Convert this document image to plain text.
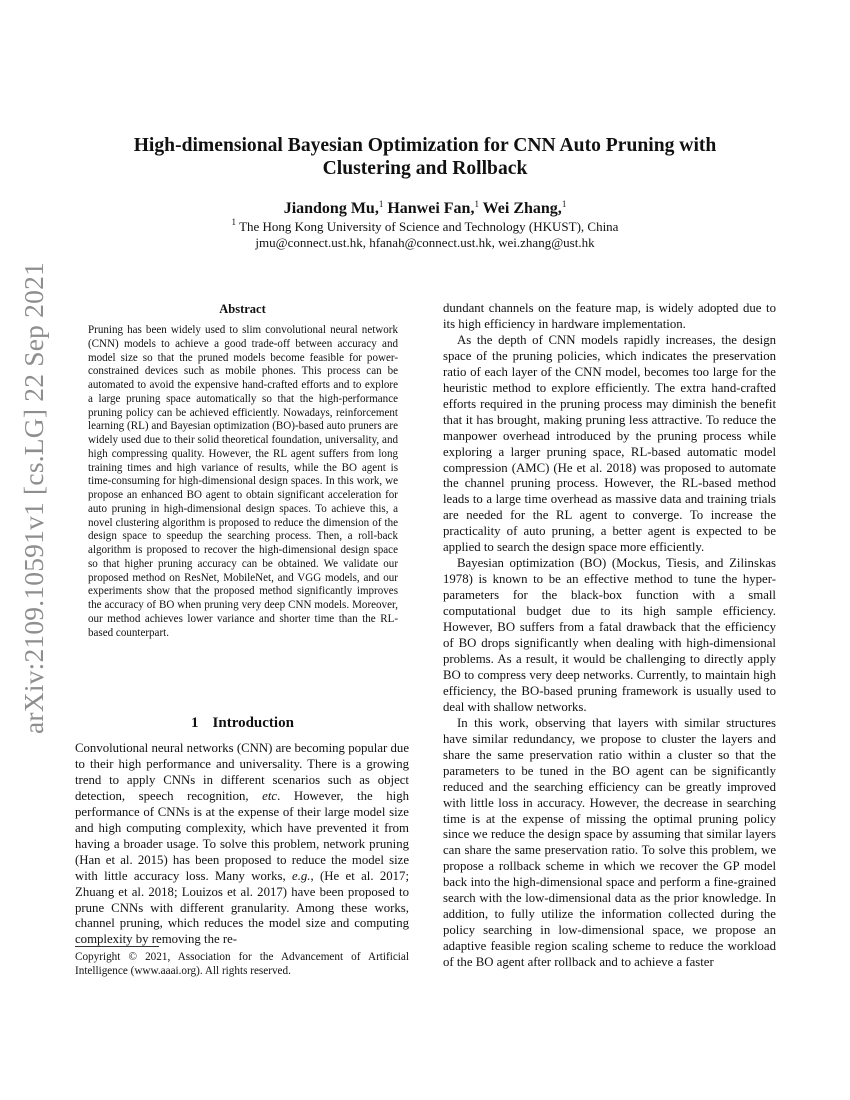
arXiv:2109.10591v1 [cs.LG] 22 Sep 2021
High-dimensional Bayesian Optimization for CNN Auto Pruning with
Clustering and Rollback
Jiandong Mu,$^1$ Hanwei Fan,$^1$ Wei Zhang,$^1$
$^1$ The Hong Kong University of Science and Technology (HKUST), China
jmu@connect.ust.hk, hfanah@connect.ust.hk, wei.zhang@ust.hk
Abstract

Pruning has been widely used to slim convolutional neural network (CNN) models to achieve a good trade-off between accuracy and model size so that the pruned models become feasible for power-constrained devices such as mobile phones. This process can be automated to avoid the expensive hand-crafted efforts and to explore a large pruning space automatically so that the high-performance pruning policy can be achieved efficiently. Nowadays, reinforcement learning (RL) and Bayesian optimization (BO)-based auto pruners are widely used due to their solid theoretical foundation, universality, and high compressing quality. However, the RL agent suffers from long training times and high variance of results, while the BO agent is time-consuming for high-dimensional design spaces. In this work, we propose an enhanced BO agent to obtain significant acceleration for auto pruning in high-dimensional design spaces. To achieve this, a novel clustering algorithm is proposed to reduce the dimension of the design space to speedup the searching process. Then, a roll-back algorithm is proposed to recover the high-dimensional design space so that higher pruning accuracy can be obtained. We validate our proposed method on ResNet, MobileNet, and VGG models, and our experiments show that the proposed method significantly improves the accuracy of BO when pruning very deep CNN models. Moreover, our method achieves lower variance and shorter time than the RL-based counterpart.

1 Introduction

Convolutional neural networks (CNN) are becoming popular due to their high performance and universality. There is a growing trend to apply CNNs in different scenarios such as object detection, speech recognition, etc. However, the high performance of CNNs is at the expense of their large model size and high computing complexity, which have prevented it from having a broader usage. To solve this problem, network pruning (Han et al. 2015) has been proposed to reduce the model size with little accuracy loss. Many works, e.g., (He et al. 2017; Zhuang et al. 2018; Louizos et al. 2017) have been proposed to prune CNNs with different granularity. Among these works, channel pruning, which reduces the model size and computing complexity by removing the re-

Copyright © 2021, Association for the Advancement of Artificial Intelligence (www.aaai.org). All rights reserved.

dundant channels on the feature map, is widely adopted due to its high efficiency in hardware implementation.

As the depth of CNN models rapidly increases, the design space of the pruning policies, which indicates the preservation ratio of each layer of the CNN model, becomes too large for the heuristic method to explore efficiently. The extra hand-crafted efforts required in the pruning process may diminish the benefit that it has brought, making pruning less attractive. To reduce the manpower overhead introduced by the pruning process while exploring a larger pruning space, RL-based automatic model compression (AMC) (He et al. 2018) was proposed to automate the channel pruning process. However, the RL-based method leads to a large time overhead as massive data and training trials are needed for the RL agent to converge. To increase the practicality of auto pruning, a better agent is expected to be applied to search the design space more efficiently.

Bayesian optimization (BO) (Mockus, Tiesis, and Zilinskas 1978) is known to be an effective method to tune the hyper-parameters for the black-box function with a small computational budget due to its high sample efficiency. However, BO suffers from a fatal drawback that the efficiency of BO drops significantly when dealing with high-dimensional problems. As a result, it would be challenging to directly apply BO to compress very deep networks. Currently, to maintain high efficiency, the BO-based pruning framework is usually used to deal with shallow networks.

In this work, observing that layers with similar structures have similar redundancy, we propose to cluster the layers and share the same preservation ratio within a cluster so that the parameters to be tuned in the BO agent can be significantly reduced and the searching efficiency can be greatly improved with little loss in accuracy. However, the decrease in searching time is at the expense of missing the optimal pruning policy since we reduce the design space by assuming that similar layers can share the same preservation ratio. To solve this problem, we propose a rollback scheme in which we recover the GP model back into the high-dimensional space and perform a fine-grained search with the low-dimensional data as the prior knowledge. In addition, to fully utilize the information collected during the policy searching in low-dimensional space, we propose an adaptive feasible region scaling scheme to reduce the workload of the BO agent after rollback and to achieve a faster
